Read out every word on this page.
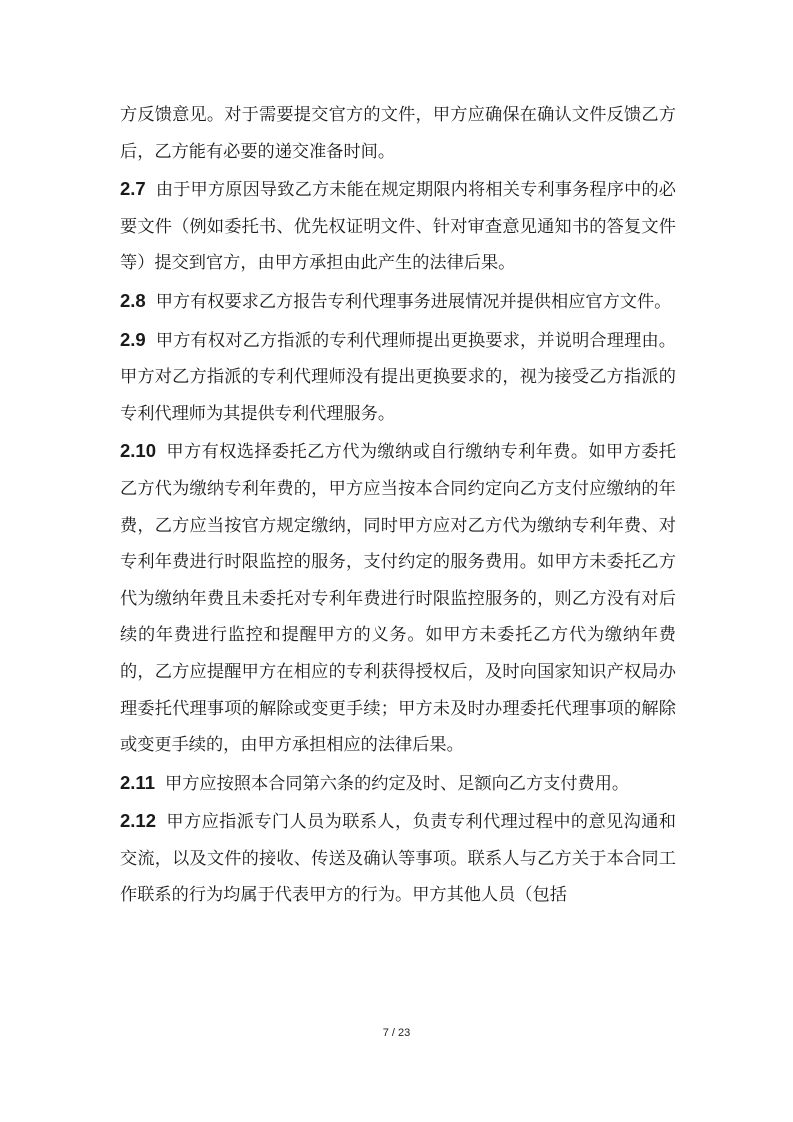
方反馈意见。对于需要提交官方的文件，甲方应确保在确认文件反馈乙方后，乙方能有必要的递交准备时间。

2.7 由于甲方原因导致乙方未能在规定期限内将相关专利事务程序中的必要文件（例如委托书、优先权证明文件、针对审查意见通知书的答复文件等）提交到官方，由甲方承担由此产生的法律后果。

2.8 甲方有权要求乙方报告专利代理事务进展情况并提供相应官方文件。

2.9 甲方有权对乙方指派的专利代理师提出更换要求，并说明合理理由。甲方对乙方指派的专利代理师没有提出更换要求的，视为接受乙方指派的专利代理师为其提供专利代理服务。

2.10 甲方有权选择委托乙方代为缴纳或自行缴纳专利年费。如甲方委托乙方代为缴纳专利年费的，甲方应当按本合同约定向乙方支付应缴纳的年费，乙方应当按官方规定缴纳，同时甲方应对乙方代为缴纳专利年费、对专利年费进行时限监控的服务，支付约定的服务费用。如甲方未委托乙方代为缴纳年费且未委托对专利年费进行时限监控服务的，则乙方没有对后续的年费进行监控和提醒甲方的义务。如甲方未委托乙方代为缴纳年费的，乙方应提醒甲方在相应的专利获得授权后，及时向国家知识产权局办理委托代理事项的解除或变更手续；甲方未及时办理委托代理事项的解除或变更手续的，由甲方承担相应的法律后果。

2.11 甲方应按照本合同第六条的约定及时、足额向乙方支付费用。

2.12 甲方应指派专门人员为联系人，负责专利代理过程中的意见沟通和交流，以及文件的接收、传送及确认等事项。联系人与乙方关于本合同工作联系的行为均属于代表甲方的行为。甲方其他人员（包括

7 / 23
